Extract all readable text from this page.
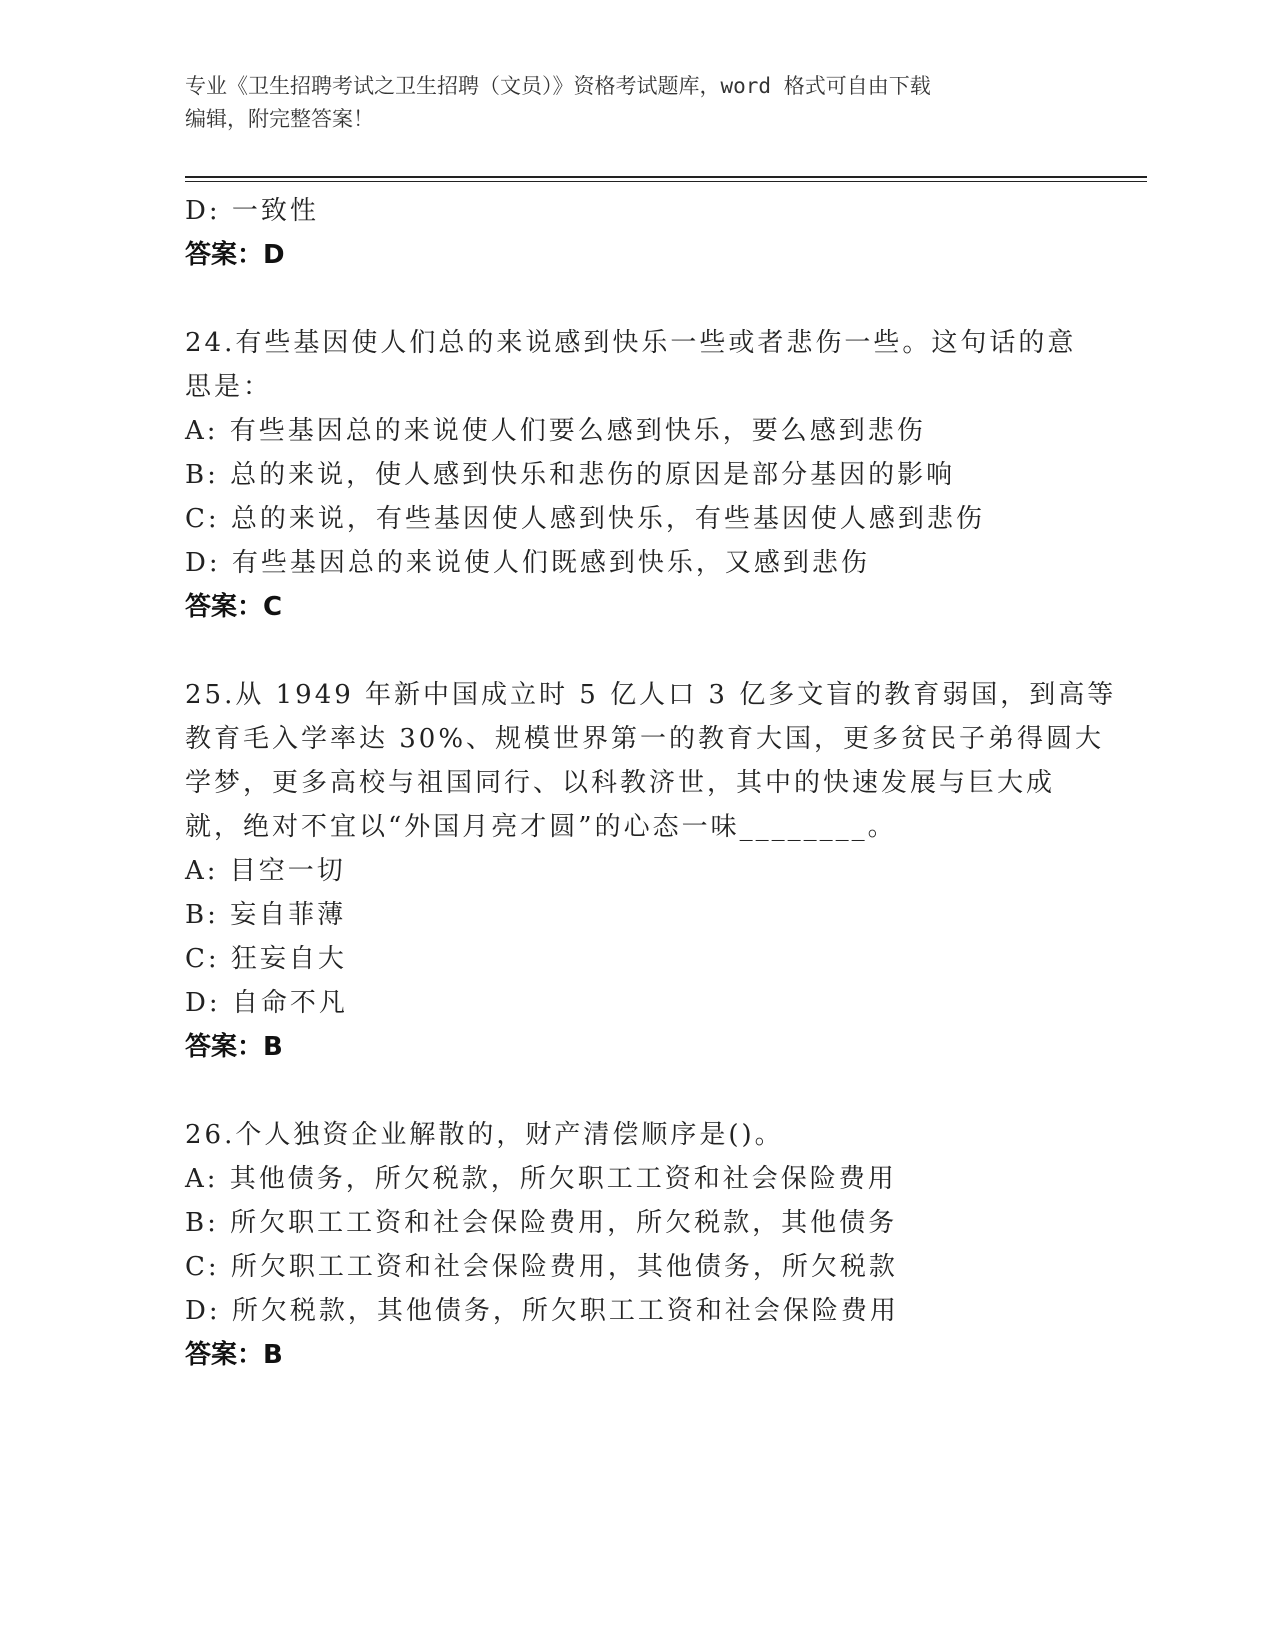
专业《卫生招聘考试之卫生招聘（文员）》资格考试题库，word 格式可自由下载
编辑，附完整答案！
D: 一致性
答案：D
24.有些基因使人们总的来说感到快乐一些或者悲伤一些。这句话的意
思是：
A: 有些基因总的来说使人们要么感到快乐，要么感到悲伤
B: 总的来说，使人感到快乐和悲伤的原因是部分基因的影响
C: 总的来说，有些基因使人感到快乐，有些基因使人感到悲伤
D: 有些基因总的来说使人们既感到快乐，又感到悲伤
答案：C
25.从 1949 年新中国成立时 5 亿人口 3 亿多文盲的教育弱国，到高等
教育毛入学率达 30%、规模世界第一的教育大国，更多贫民子弟得圆大
学梦，更多高校与祖国同行、以科教济世，其中的快速发展与巨大成
就，绝对不宜以“外国月亮才圆”的心态一味________。
A: 目空一切
B: 妄自菲薄
C: 狂妄自大
D: 自命不凡
答案：B
26.个人独资企业解散的，财产清偿顺序是()。
A: 其他债务，所欠税款，所欠职工工资和社会保险费用
B: 所欠职工工资和社会保险费用，所欠税款，其他债务
C: 所欠职工工资和社会保险费用，其他债务，所欠税款
D: 所欠税款，其他债务，所欠职工工资和社会保险费用
答案：B
